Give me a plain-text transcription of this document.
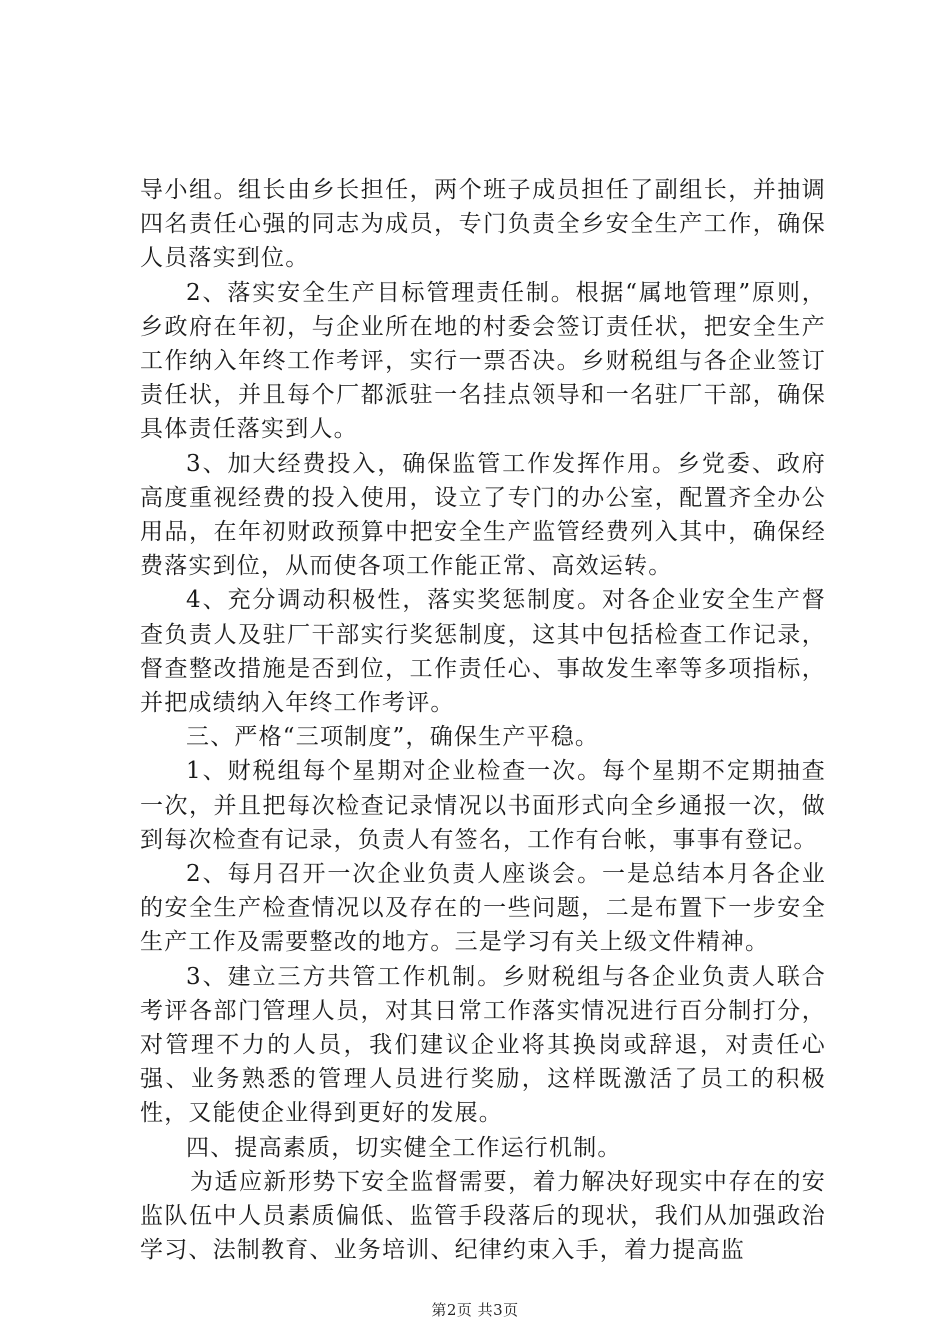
导小组。组长由乡长担任，两个班子成员担任了副组长，并抽调四名责任心强的同志为成员，专门负责全乡安全生产工作，确保人员落实到位。

2、落实安全生产目标管理责任制。根据“属地管理”原则，乡政府在年初，与企业所在地的村委会签订责任状，把安全生产工作纳入年终工作考评，实行一票否决。乡财税组与各企业签订责任状，并且每个厂都派驻一名挂点领导和一名驻厂干部，确保具体责任落实到人。

3、加大经费投入，确保监管工作发挥作用。乡党委、政府高度重视经费的投入使用，设立了专门的办公室，配置齐全办公用品，在年初财政预算中把安全生产监管经费列入其中，确保经费落实到位，从而使各项工作能正常、高效运转。

4、充分调动积极性，落实奖惩制度。对各企业安全生产督查负责人及驻厂干部实行奖惩制度，这其中包括检查工作记录，督查整改措施是否到位，工作责任心、事故发生率等多项指标，并把成绩纳入年终工作考评。

三、严格“三项制度”，确保生产平稳。

1、财税组每个星期对企业检查一次。每个星期不定期抽查一次，并且把每次检查记录情况以书面形式向全乡通报一次，做到每次检查有记录，负责人有签名，工作有台帐，事事有登记。

2、每月召开一次企业负责人座谈会。一是总结本月各企业的安全生产检查情况以及存在的一些问题，二是布置下一步安全生产工作及需要整改的地方。三是学习有关上级文件精神。

3、建立三方共管工作机制。乡财税组与各企业负责人联合考评各部门管理人员，对其日常工作落实情况进行百分制打分，对管理不力的人员，我们建议企业将其换岗或辞退，对责任心强、业务熟悉的管理人员进行奖励，这样既激活了员工的积极性，又能使企业得到更好的发展。

四、提高素质，切实健全工作运行机制。

为适应新形势下安全监督需要，着力解决好现实中存在的安监队伍中人员素质偏低、监管手段落后的现状，我们从加强政治学习、法制教育、业务培训、纪律约束入手，着力提高监

第2页 共3页
